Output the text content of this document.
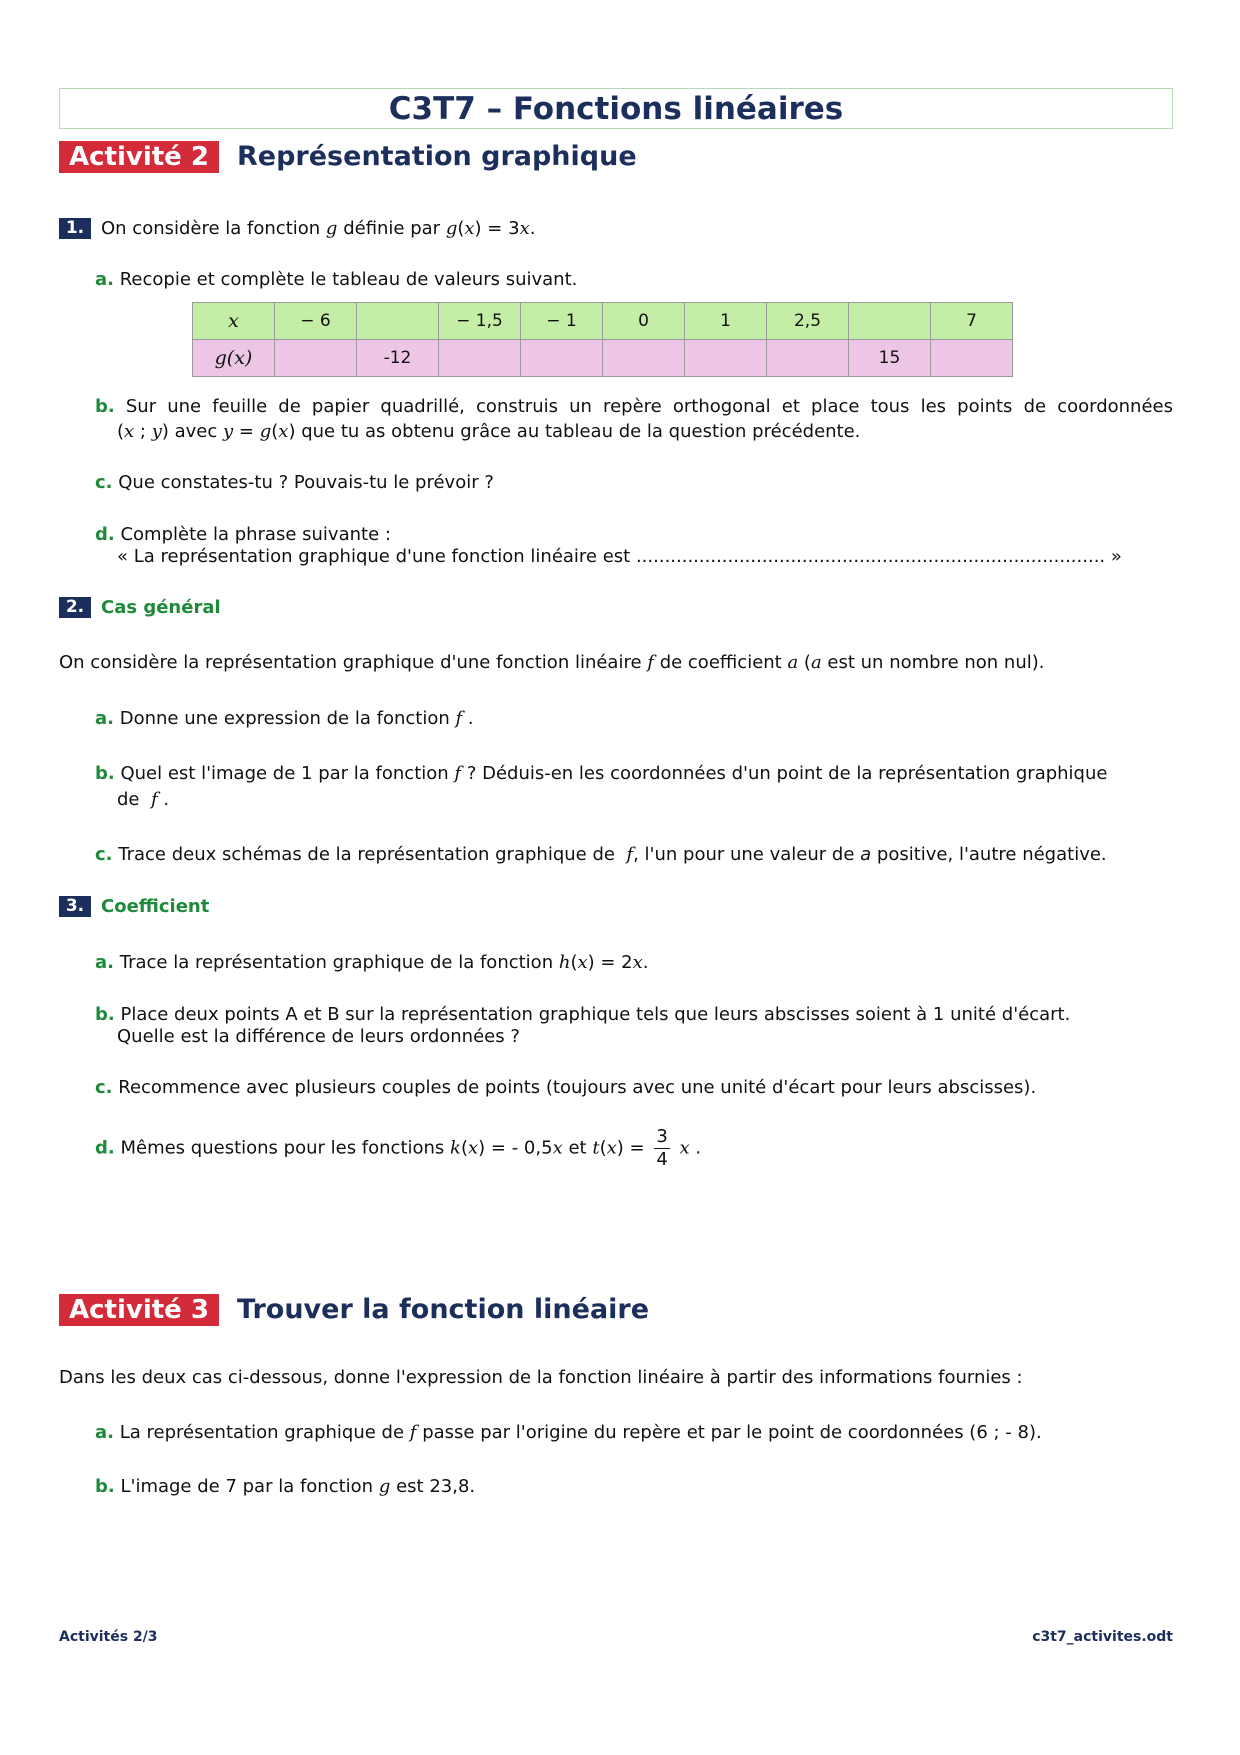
C3T7 – Fonctions linéaires
Activité 2	Représentation graphique
1. On considère la fonction g définie par g(x) = 3x.
a. Recopie et complète le tableau de valeurs suivant.
x	− 6		− 1,5	− 1	0	1	2,5		7
g(x)		-12						15	
b. Sur une feuille de papier quadrillé, construis un repère orthogonal et place tous les points de coordonnées
(x ; y) avec y = g(x) que tu as obtenu grâce au tableau de la question précédente.
c. Que constates-tu ? Pouvais-tu le prévoir ?
d. Complète la phrase suivante :
« La représentation graphique d'une fonction linéaire est .................................................................................. »
2. Cas général
On considère la représentation graphique d'une fonction linéaire f de coefficient a (a est un nombre non nul).
a. Donne une expression de la fonction f .
b. Quel est l'image de 1 par la fonction f ? Déduis-en les coordonnées d'un point de la représentation graphique
de f .
c. Trace deux schémas de la représentation graphique de f, l'un pour une valeur de a positive, l'autre négative.
3. Coefficient
a. Trace la représentation graphique de la fonction h(x) = 2x.
b. Place deux points A et B sur la représentation graphique tels que leurs abscisses soient à 1 unité d'écart.
Quelle est la différence de leurs ordonnées ?
c. Recommence avec plusieurs couples de points (toujours avec une unité d'écart pour leurs abscisses).
d. Mêmes questions pour les fonctions k(x) = - 0,5x et $t(x) = \frac{3}{4}$ x .
Activité 3	Trouver la fonction linéaire
Dans les deux cas ci-dessous, donne l'expression de la fonction linéaire à partir des informations fournies :
a. La représentation graphique de f passe par l'origine du repère et par le point de coordonnées (6 ; - 8).
b. L'image de 7 par la fonction g est 23,8.
Activités 2/3	c3t7_activites.odt
